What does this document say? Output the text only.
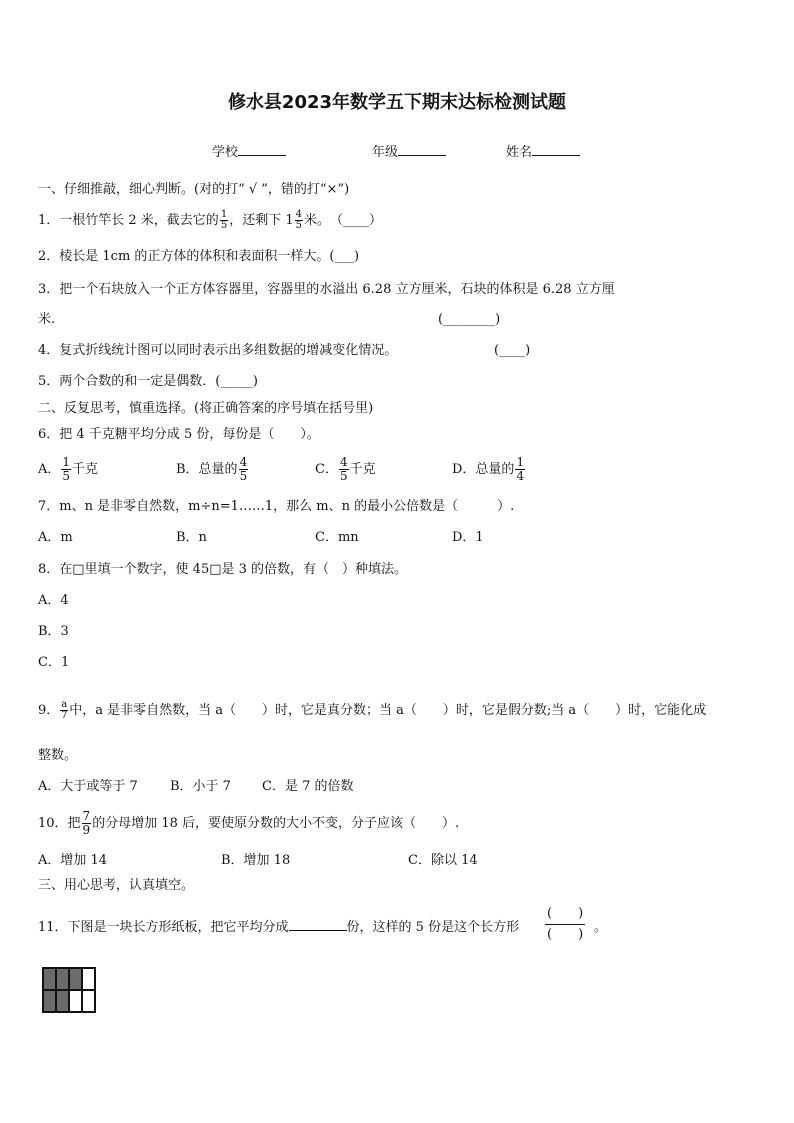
修水县2023年数学五下期末达标检测试题
学校	年级	姓名
一、仔细推敲，细心判断。(对的打“ √ ”，错的打“×”)
1．一根竹竿长 2 米，截去它的 $\frac{1}{5}$ ，还剩下 $1 \frac{4}{5}$ 米。　（____）
2．棱长是 1cm 的正方体的体积和表面积一样大。(___)
3．把一个石块放入一个正方体容器里，容器里的水溢出 6.28 立方厘米，石块的体积是 6.28 立方厘
米.	(________)
4．复式折线统计图可以同时表示出多组数据的增减变化情况。	(____)
5．两个合数的和一定是偶数．(_____)
二、反复思考，慎重选择。(将正确答案的序号填在括号里)
6．把 4 千克糖平均分成 5 份，每份是（　　）。
A． $\frac{1}{5}$ 千克	B．总量的 $\frac{4}{5}$	C． $\frac{4}{5}$ 千克	D．总量的 $\frac{1}{4}$
7．m、n 是非零自然数，m÷n=1……1，那么 m、n 的最小公倍数是（　　　）.
A．m	B．n	C．mn	D．1
8．在□里填一个数字，使 45□是 3 的倍数，有（　）种填法。
A．4
B．3
C．1
9． $\frac{a}{7}$ 中，a 是非零自然数，当 a（　　）时，它是真分数；当 a（　　）时，它是假分数;当 a（　　）时，它能化成
整数。
A．大于或等于 7 B．小于 7 C．是 7 的倍数
10．把 $\frac{7}{9}$ 的分母增加 18 后，要使原分数的大小不变，分子应该（　　）.
A．增加 14	B．增加 18	C．除以 14
三、用心思考，认真填空。
11．下图是一块长方形纸板，把它平均分成	份，这样的 5 份是这个长方形
(　　)
(　　) 。
